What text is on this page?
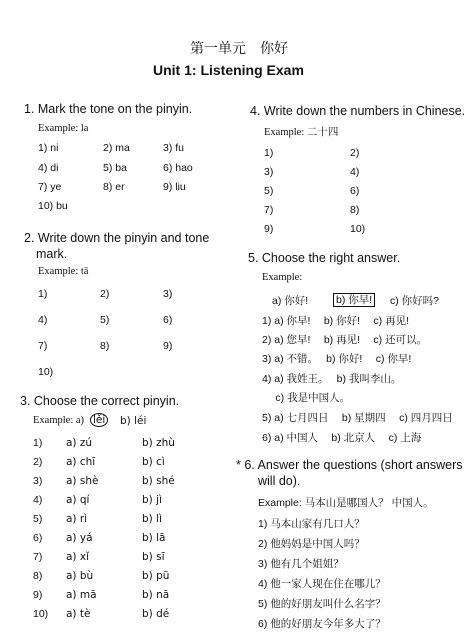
第一单元　你好
Unit 1: Listening Exam
1. Mark the tone on the pinyin.
Example: la
1) ni	2) ma	3) fu
4) di	5) ba	6) hao
7) ye	8) er	9) liu
10) bu
2. Write down the pinyin and tone
mark.
Example: tā
1)	2)	3)
4)	5)	6)
7)	8)	9)
10)
3. Choose the correct pinyin.
Example: a) lěi b) léi
1) a) zú	b) zhù
2) a) chī	b) cì
3) a) shè	b) shé
4) a) qí	b) jì
5) a) rì	b) lì
6) a) yá	b) lā
7) a) xǐ	b) sī
8) a) bù	b) pū
9) a) mā	b) nā
10) a) tè	b) dé
4. Write down the numbers in Chinese.
Example: 二十四
1)	2)
3)	4)
5)	6)
7)	8)
9)	10)
5. Choose the right answer.
Example:
a) 你好!	b) 你早! c) 你好吗?
1) a) 你早!　 b) 你好!　 c) 再见!
2) a) 您早!　 b) 再见!　 c) 还可以。
3) a) 不错。　 b) 你好!　 c) 你早!
4) a) 我姓王。　 b) 我叫李山。
　 c) 我是中国人。
5) a) 七月四日　 b) 星期四　 c) 四月四日
6) a) 中国人　 b) 北京人　 c) 上海
* 6. Answer the questions (short answers
will do).
Example: 马本山是哪国人？ 中国人。
1) 马本山家有几口人？
2) 他妈妈是中国人吗？
3) 他有几个姐姐？
4) 他一家人现在住在哪儿？
5) 他的好朋友叫什么名字？
6) 他的好朋友今年多大了？
